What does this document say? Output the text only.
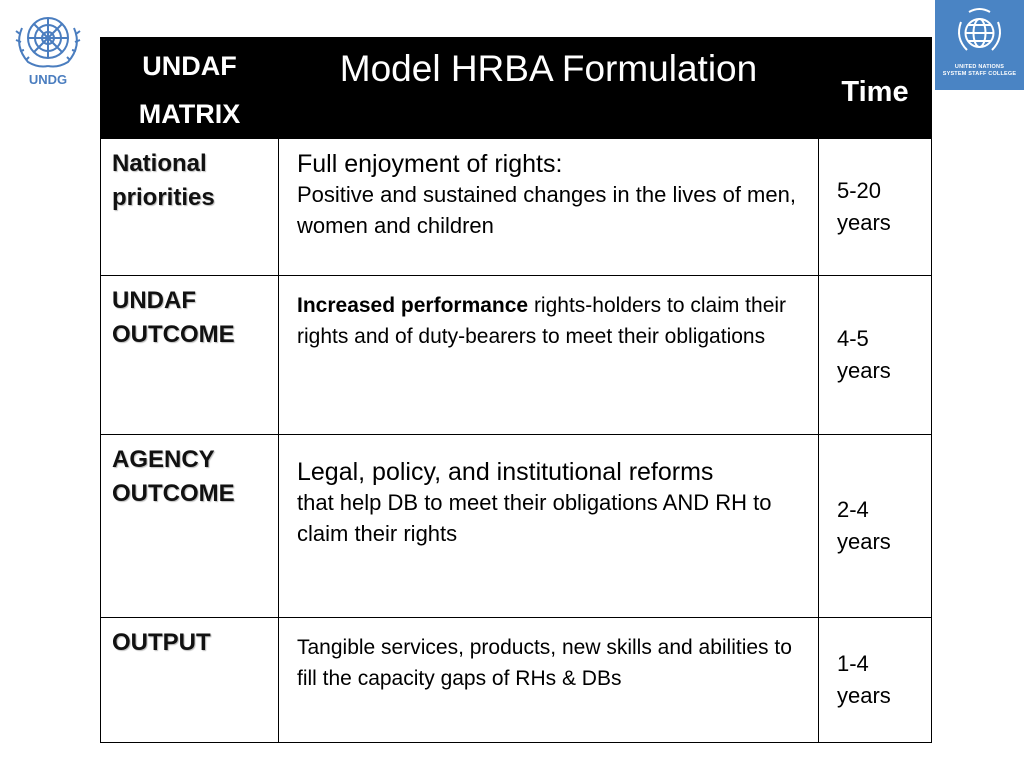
UNDG
UNITED NATIONS
SYSTEM STAFF COLLEGE
UNDAF
MATRIX	Model HRBA Formulation	Time

National
priorities	Full enjoyment of rights:
Positive and sustained changes in the lives of men, women and children	5-20
years

UNDAF
OUTCOME	Increased performance rights-holders to claim their rights and of duty-bearers to meet their obligations	4-5
years

AGENCY
OUTCOME	Legal, policy, and institutional reforms
that help DB to meet their obligations AND RH to claim their rights	2-4
years

OUTPUT	Tangible services, products, new skills and abilities to fill the capacity gaps of RHs & DBs	1-4
years
